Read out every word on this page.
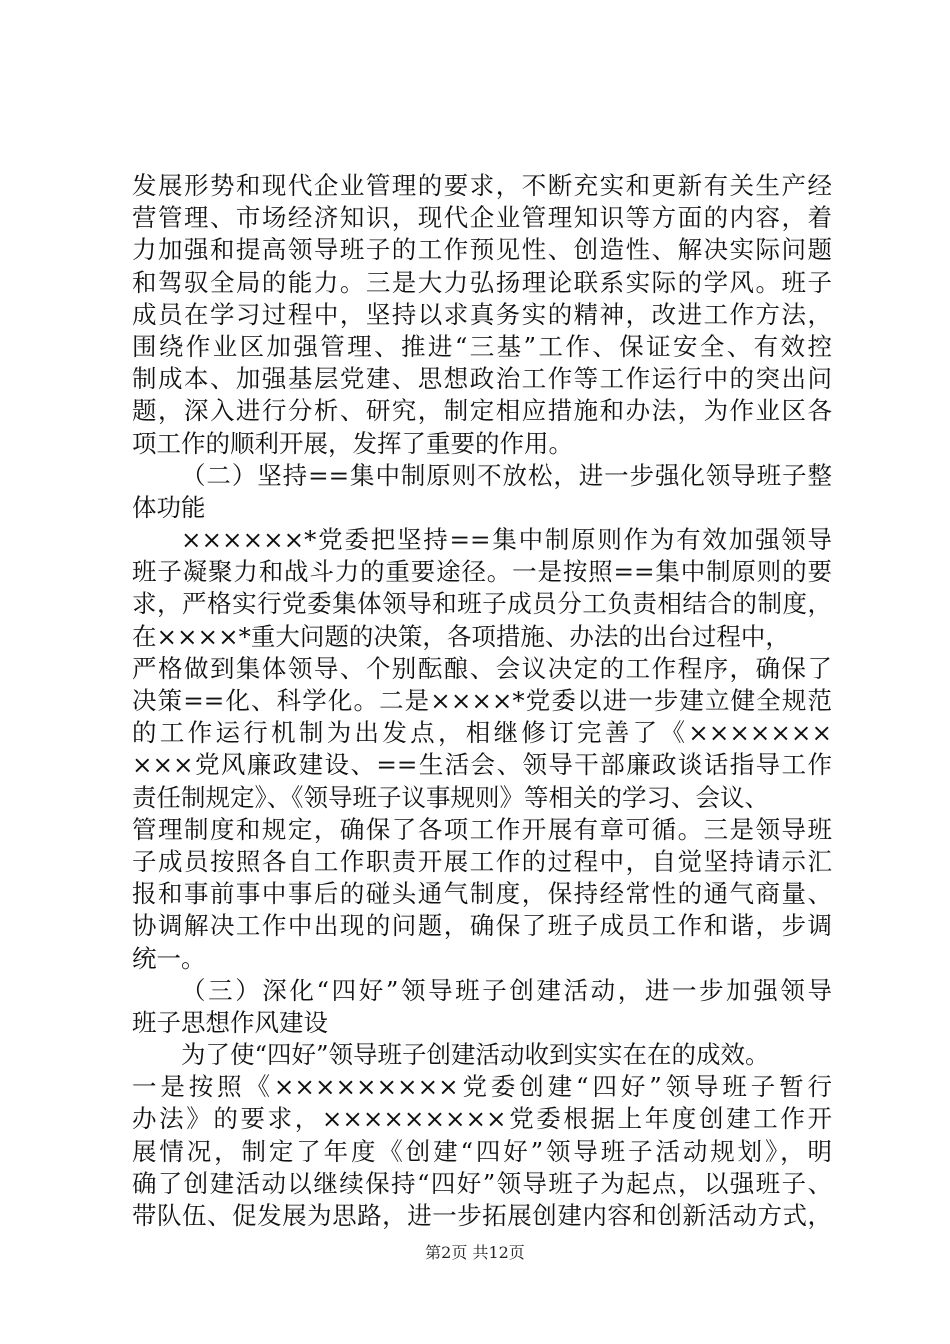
发展形势和现代企业管理的要求，不断充实和更新有关生产经
营管理、市场经济知识，现代企业管理知识等方面的内容，着
力加强和提高领导班子的工作预见性、创造性、解决实际问题
和驾驭全局的能力。三是大力弘扬理论联系实际的学风。班子
成员在学习过程中，坚持以求真务实的精神，改进工作方法，
围绕作业区加强管理、推进“三基”工作、保证安全、有效控
制成本、加强基层党建、思想政治工作等工作运行中的突出问
题，深入进行分析、研究，制定相应措施和办法，为作业区各
项工作的顺利开展，发挥了重要的作用。
（二）坚持==集中制原则不放松，进一步强化领导班子整
体功能
××××××*党委把坚持==集中制原则作为有效加强领导
班子凝聚力和战斗力的重要途径。一是按照==集中制原则的要
求，严格实行党委集体领导和班子成员分工负责相结合的制度，
在××××*重大问题的决策，各项措施、办法的出台过程中，
严格做到集体领导、个别酝酿、会议决定的工作程序，确保了
决策==化、科学化。二是××××*党委以进一步建立健全规范
的工作运行机制为出发点，相继修订完善了《×××××××
×××党风廉政建设、==生活会、领导干部廉政谈话指导工作
责任制规定》、《领导班子议事规则》等相关的学习、会议、
管理制度和规定，确保了各项工作开展有章可循。三是领导班
子成员按照各自工作职责开展工作的过程中，自觉坚持请示汇
报和事前事中事后的碰头通气制度，保持经常性的通气商量、
协调解决工作中出现的问题，确保了班子成员工作和谐，步调
统一。
（三）深化“四好”领导班子创建活动，进一步加强领导
班子思想作风建设
为了使“四好”领导班子创建活动收到实实在在的成效。
一是按照《×××××××××党委创建“四好”领导班子暂行
办法》的要求，×××××××××党委根据上年度创建工作开
展情况，制定了年度《创建“四好”领导班子活动规划》，明
确了创建活动以继续保持“四好”领导班子为起点，以强班子、
带队伍、促发展为思路，进一步拓展创建内容和创新活动方式，
第2页 共12页
